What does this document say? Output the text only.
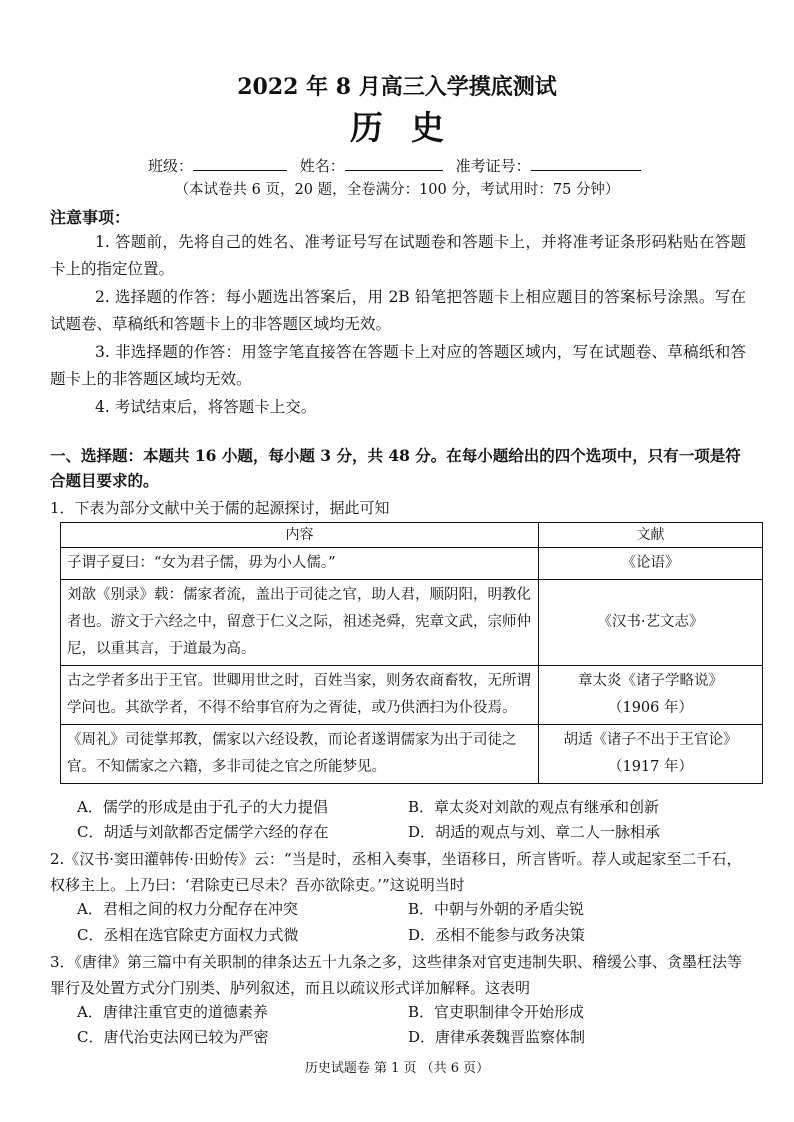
2022 年 8 月高三入学摸底测试
历史
班级：	姓名：	准考证号：
（本试卷共 6 页，20 题，全卷满分：100 分，考试用时：75 分钟）
注意事项：
1. 答题前，先将自己的姓名、准考证号写在试题卷和答题卡上，并将准考证条形码粘贴在答题卡上的指定位置。
2. 选择题的作答：每小题选出答案后，用 2B 铅笔把答题卡上相应题目的答案标号涂黑。写在试题卷、草稿纸和答题卡上的非答题区域均无效。
3. 非选择题的作答：用签字笔直接答在答题卡上对应的答题区域内，写在试题卷、草稿纸和答题卡上的非答题区域均无效。
4. 考试结束后，将答题卡上交。
一、选择题：本题共 16 小题，每小题 3 分，共 48 分。在每小题给出的四个选项中，只有一项是符合题目要求的。
1．下表为部分文献中关于儒的起源探讨，据此可知
内容	文献
子谓子夏曰：“女为君子儒，毋为小人儒。”	《论语》
刘歆《别录》载：儒家者流，盖出于司徒之官，助人君，顺阴阳，明教化者也。游文于六经之中，留意于仁义之际，祖述尧舜，宪章文武，宗师仲尼，以重其言，于道最为高。	《汉书·艺文志》
古之学者多出于王官。世卿用世之时，百姓当家，则务农商畜牧，无所谓学问也。其欲学者，不得不给事官府为之胥徒，或乃供洒扫为仆役焉。	章太炎《诸子学略说》
（1906 年）

《周礼》司徒掌邦教，儒家以六经设教，而论者遂谓儒家为出于司徒之官。不知儒家之六籍，多非司徒之官之所能梦见。	胡适《诸子不出于王官论》
（1917 年）
A．儒学的形成是由于孔子的大力提倡	B．章太炎对刘歆的观点有继承和创新
C．胡适与刘歆都否定儒学六经的存在	D．胡适的观点与刘、章二人一脉相承
2.《汉书·窦田灌韩传·田蚡传》云：“当是时，丞相入奏事，坐语移日，所言皆听。荐人或起家至二千石，权移主上。上乃曰：‘君除吏已尽未？吾亦欲除吏。’”这说明当时
A．君相之间的权力分配存在冲突	B．中朝与外朝的矛盾尖锐
C．丞相在选官除吏方面权力式微	D．丞相不能参与政务决策
3．《唐律》第三篇中有关职制的律条达五十九条之多，这些律条对官吏违制失职、稽缓公事、贪墨枉法等罪行及处置方式分门别类、胪列叙述，而且以疏议形式详加解释。这表明
A．唐律注重官吏的道德素养	B．官吏职制律令开始形成
C．唐代治吏法网已较为严密	D．唐律承袭魏晋监察体制
历史试题卷 第 1 页 （共 6 页）
